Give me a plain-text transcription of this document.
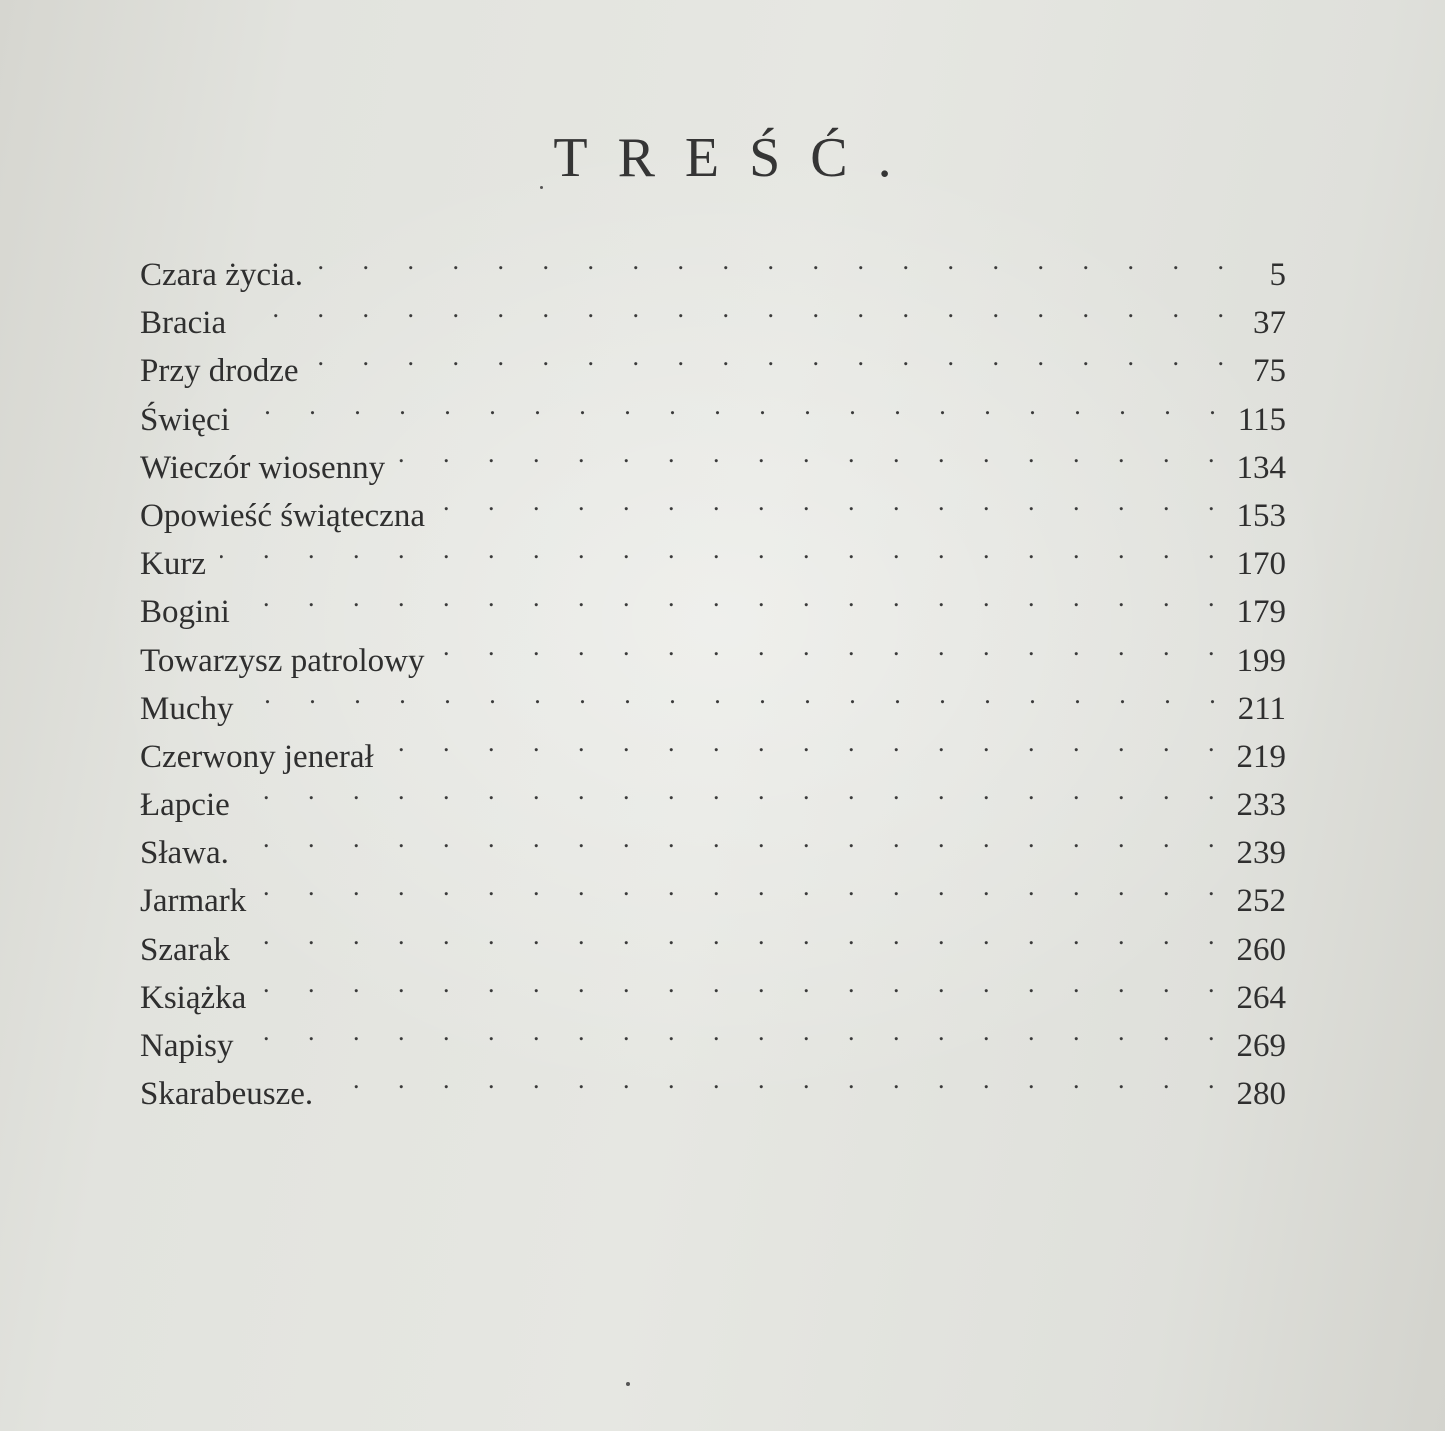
TREŚĆ.
Czara życia. . . .	5
Bracia . . .	37
Przy drodze . . .	75
Święci . . .	115
Wieczór wiosenny . . .	134
Opowieść świąteczna . . .	153
Kurz . . .	170
Bogini . . .	179
Towarzysz patrolowy . . .	199
Muchy . . .	211
Czerwony jenerał . . .	219
Łapcie . . .	233
Sława. . . .	239
Jarmark . . .	252
Szarak . . .	260
Książka . . .	264
Napisy . . .	269
Skarabeusze. . . .	280
